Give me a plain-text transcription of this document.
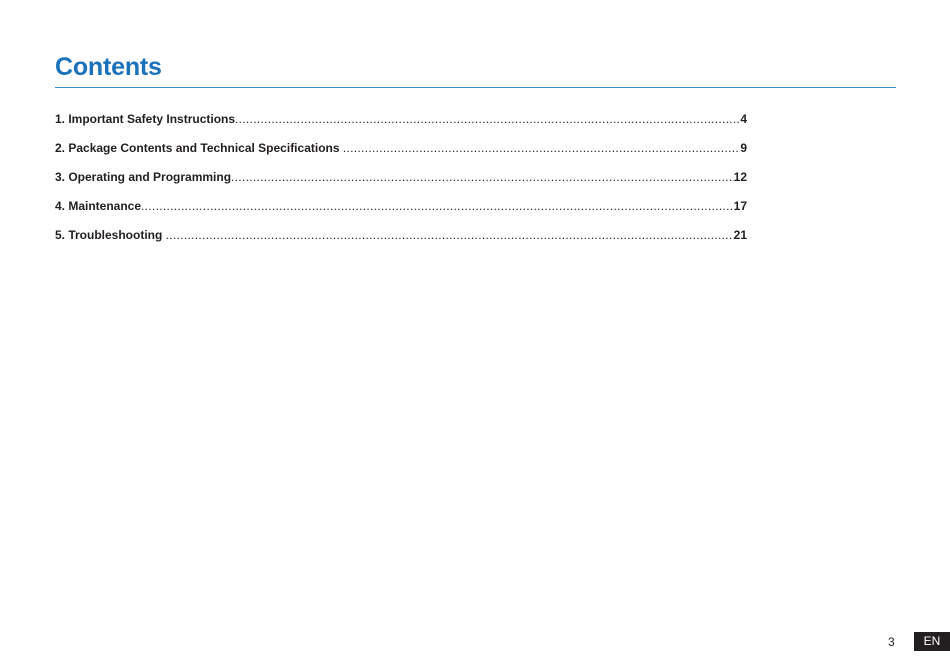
Contents
1. Important Safety Instructions .....	4
2. Package Contents and Technical Specifications .....	9
3. Operating and Programming .....	12
4. Maintenance .....	17
5. Troubleshooting .....	21
3	EN
